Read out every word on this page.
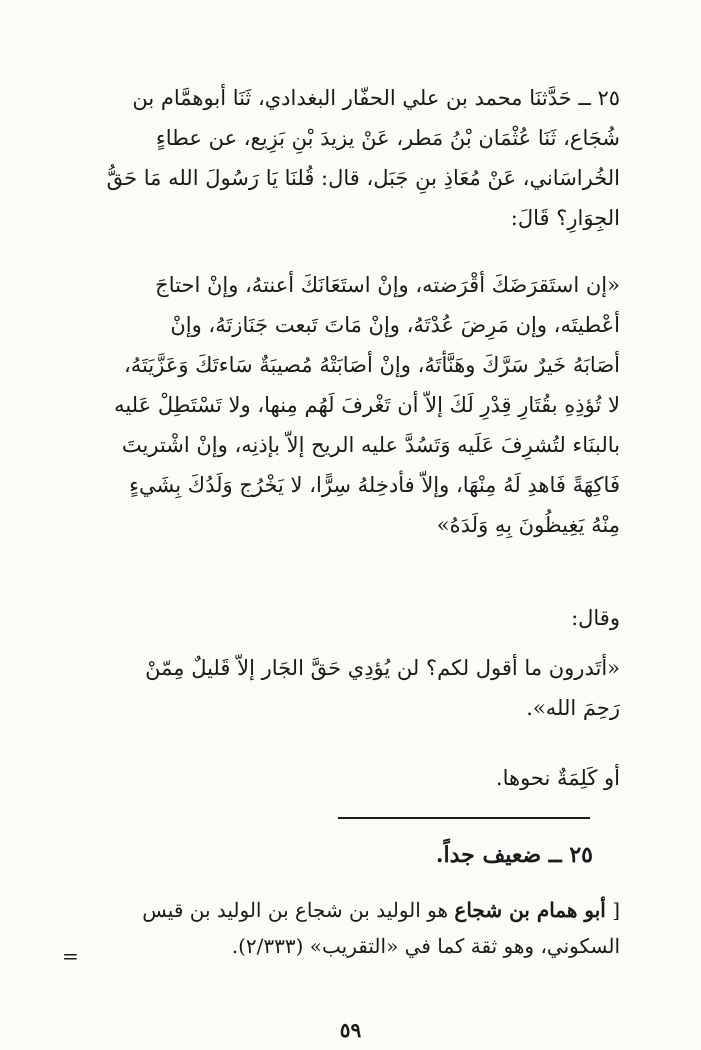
٢٥ ــ حَدَّثنَا محمد بن علي الحفّار البغدادي، ثَنَا أبوهمَّام بن
شُجَاع، ثَنَا عُثْمَان بْنُ مَطر، عَنْ يزيدَ بْنِ بَزِيع، عن عطاءٍ
الخُراسَاني، عَنْ مُعَاذِ بنِ جَبَل، قال: قُلنَا يَا رَسُولَ الله مَا حَقُّ
الجِوَارِ؟ قَالَ:
«إن استَقرَضَكَ أقْرَضته، وإنْ استَعَانَكَ أعنتهُ، وإنْ احتاجَ
أعْطيتَه، وإن مَرِضَ عُدْتَهُ، وإنْ مَاتَ تَبعت جَنَازتَهُ، وإنْ
أصَابَهُ خَيرٌ سَرَّكَ وهَنَّأتَهُ، وإنْ أصَابَتْهُ مُصيبَةٌ سَاءتَكَ وَعَزَّيَتَهُ،
لا تُؤذِهِ بقُتَارِ قِدْرِ لَكَ إلاّ أن تَغْرفَ لَهُم مِنها، ولا تَسْتَطِلْ عَليه
بالبنَاء لتُشرِفَ عَلَيه وَتَسُدَّ عليه الريح إلاّ بإذنِه، وإنْ اشْتريتَ
فَاكِهَةً فَاهدِ لَهُ مِنْهَا، وإلاّ فأدخِلهُ سِرًّا، لا يَخْرُج وَلَدُكَ بِشَيءٍ
مِنْهُ يَغِيظُونَ بِهِ وَلَدَهُ»
وقال:
«أتَدرون ما أقول لكم؟ لن يُؤدِي حَقَّ الجَار إلاّ قَليلٌ مِمّنْ
رَحِمَ الله».
أو كَلِمَةٌ نحوها.
٢٥ ــ ضعيف جداً.
[ أبو همام بن شجاع هو الوليد بن شجاع بن الوليد بن قيس
السكوني، وهو ثقة كما في «التقريب» (٢/٣٣٣).
=
٥٩
